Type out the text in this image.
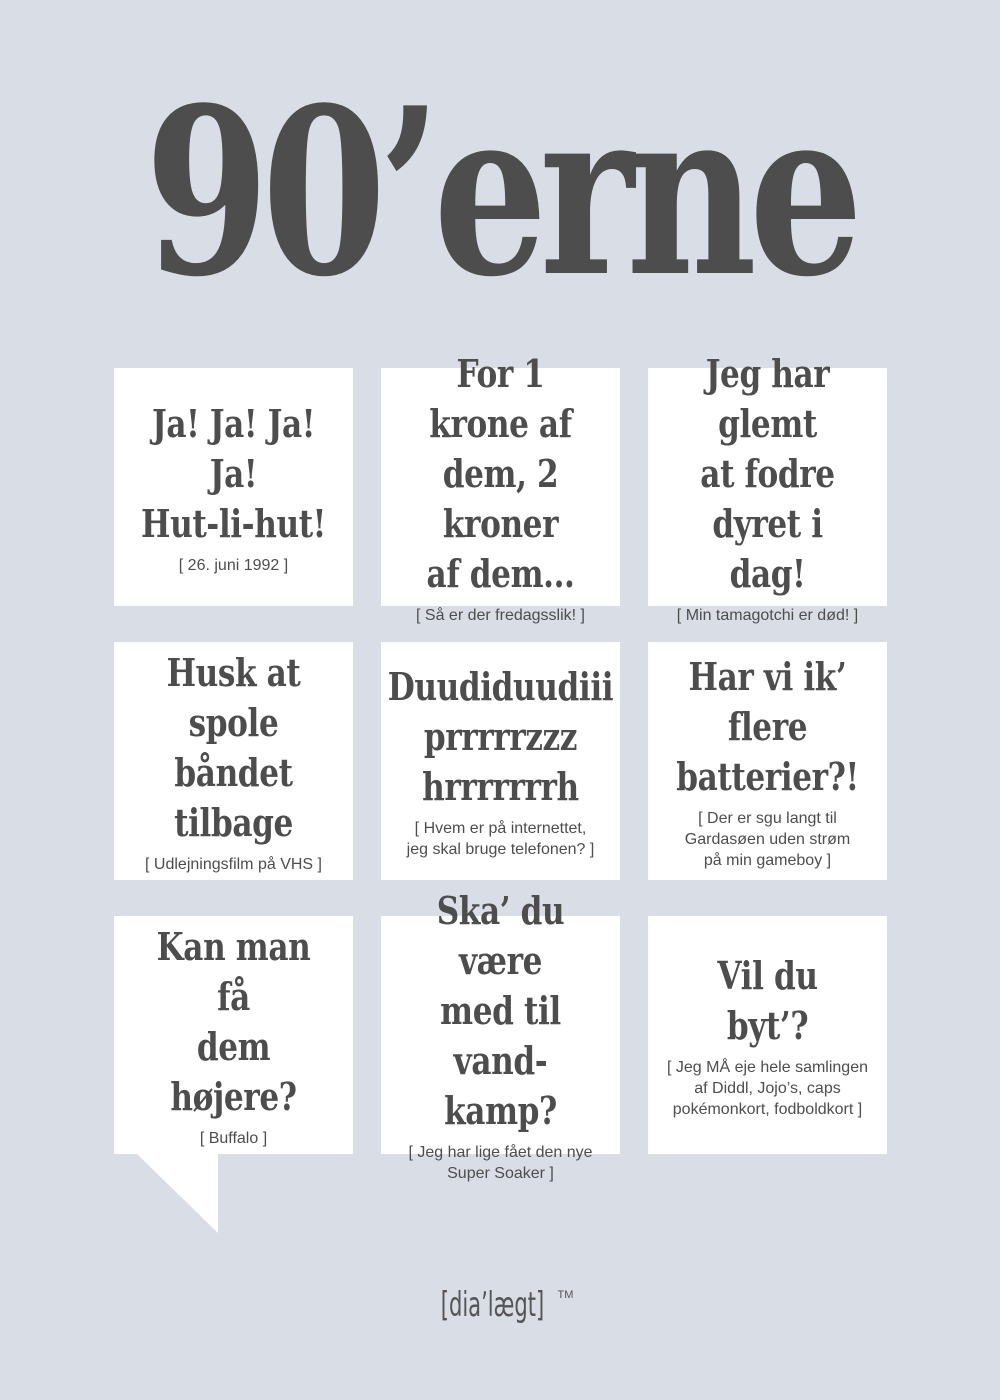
90’erne
Ja! Ja! Ja! Ja!
Hut-li-hut!
[ 26. juni 1992 ]
For 1 krone af
dem, 2 kroner
af dem...
[ Så er der fredagsslik! ]
Jeg har glemt
at fodre
dyret i dag!
[ Min tamagotchi er død! ]
Husk at
spole båndet
tilbage
[ Udlejningsfilm på VHS ]
Duudiduudiii
prrrrrzzz
hrrrrrrrh
[ Hvem er på internettet,
jeg skal bruge telefonen? ]
Har vi ik’ flere
batterier?!
[ Der er sgu langt til
Gardasøen uden strøm
på min gameboy ]
Kan man få
dem højere?
[ Buffalo ]
Ska’ du være
med til vand-
kamp?
[ Jeg har lige fået den nye
Super Soaker ]
Vil du byt’?
[ Jeg MÅ eje hele samlingen
af Diddl, Jojo’s, caps
pokémonkort, fodboldkort ]
[dia’lægt] ™
